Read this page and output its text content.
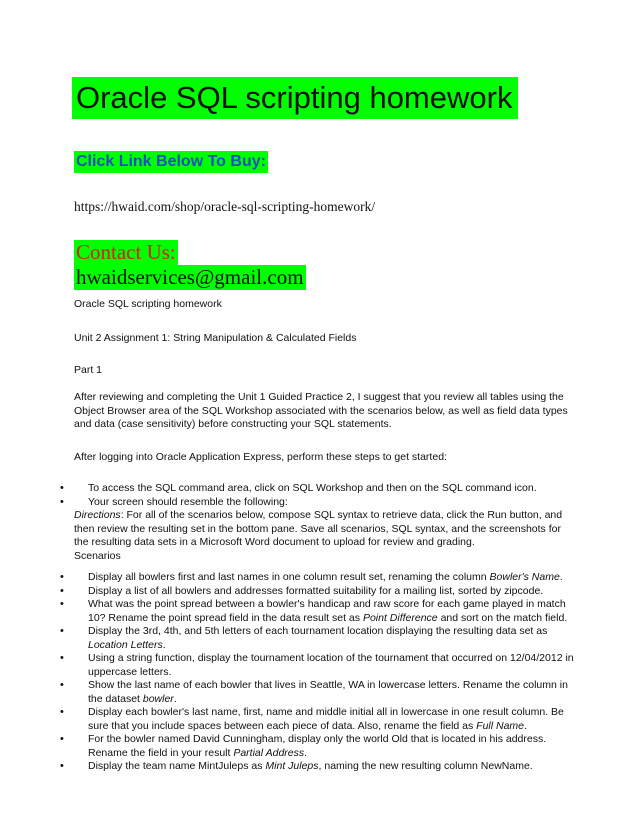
Oracle SQL scripting homework
Click Link Below To Buy:
https://hwaid.com/shop/oracle-sql-scripting-homework/
Contact Us:
hwaidservices@gmail.com
Oracle SQL scripting homework
Unit 2 Assignment 1: String Manipulation & Calculated Fields
Part 1
After reviewing and completing the Unit 1 Guided Practice 2, I suggest that you review all tables using the Object Browser area of the SQL Workshop associated with the scenarios below, as well as field data types and data (case sensitivity) before constructing your SQL statements.
After logging into Oracle Application Express, perform these steps to get started:
• To access the SQL command area, click on SQL Workshop and then on the SQL command icon.
• Your screen should resemble the following:
Directions: For all of the scenarios below, compose SQL syntax to retrieve data, click the Run button, and then review the resulting set in the bottom pane. Save all scenarios, SQL syntax, and the screenshots for the resulting data sets in a Microsoft Word document to upload for review and grading.
Scenarios
• Display all bowlers first and last names in one column result set, renaming the column Bowler's Name.
• Display a list of all bowlers and addresses formatted suitability for a mailing list, sorted by zipcode.
• What was the point spread between a bowler's handicap and raw score for each game played in match 10? Rename the point spread field in the data result set as Point Difference and sort on the match field.
• Display the 3rd, 4th, and 5th letters of each tournament location displaying the resulting data set as Location Letters.
• Using a string function, display the tournament location of the tournament that occurred on 12/04/2012 in uppercase letters.
• Show the last name of each bowler that lives in Seattle, WA in lowercase letters. Rename the column in the dataset bowler.
• Display each bowler's last name, first, name and middle initial all in lowercase in one result column. Be sure that you include spaces between each piece of data. Also, rename the field as Full Name.
• For the bowler named David Cunningham, display only the world Old that is located in his address. Rename the field in your result Partial Address.
• Display the team name MintJuleps as Mint Juleps, naming the new resulting column NewName.
